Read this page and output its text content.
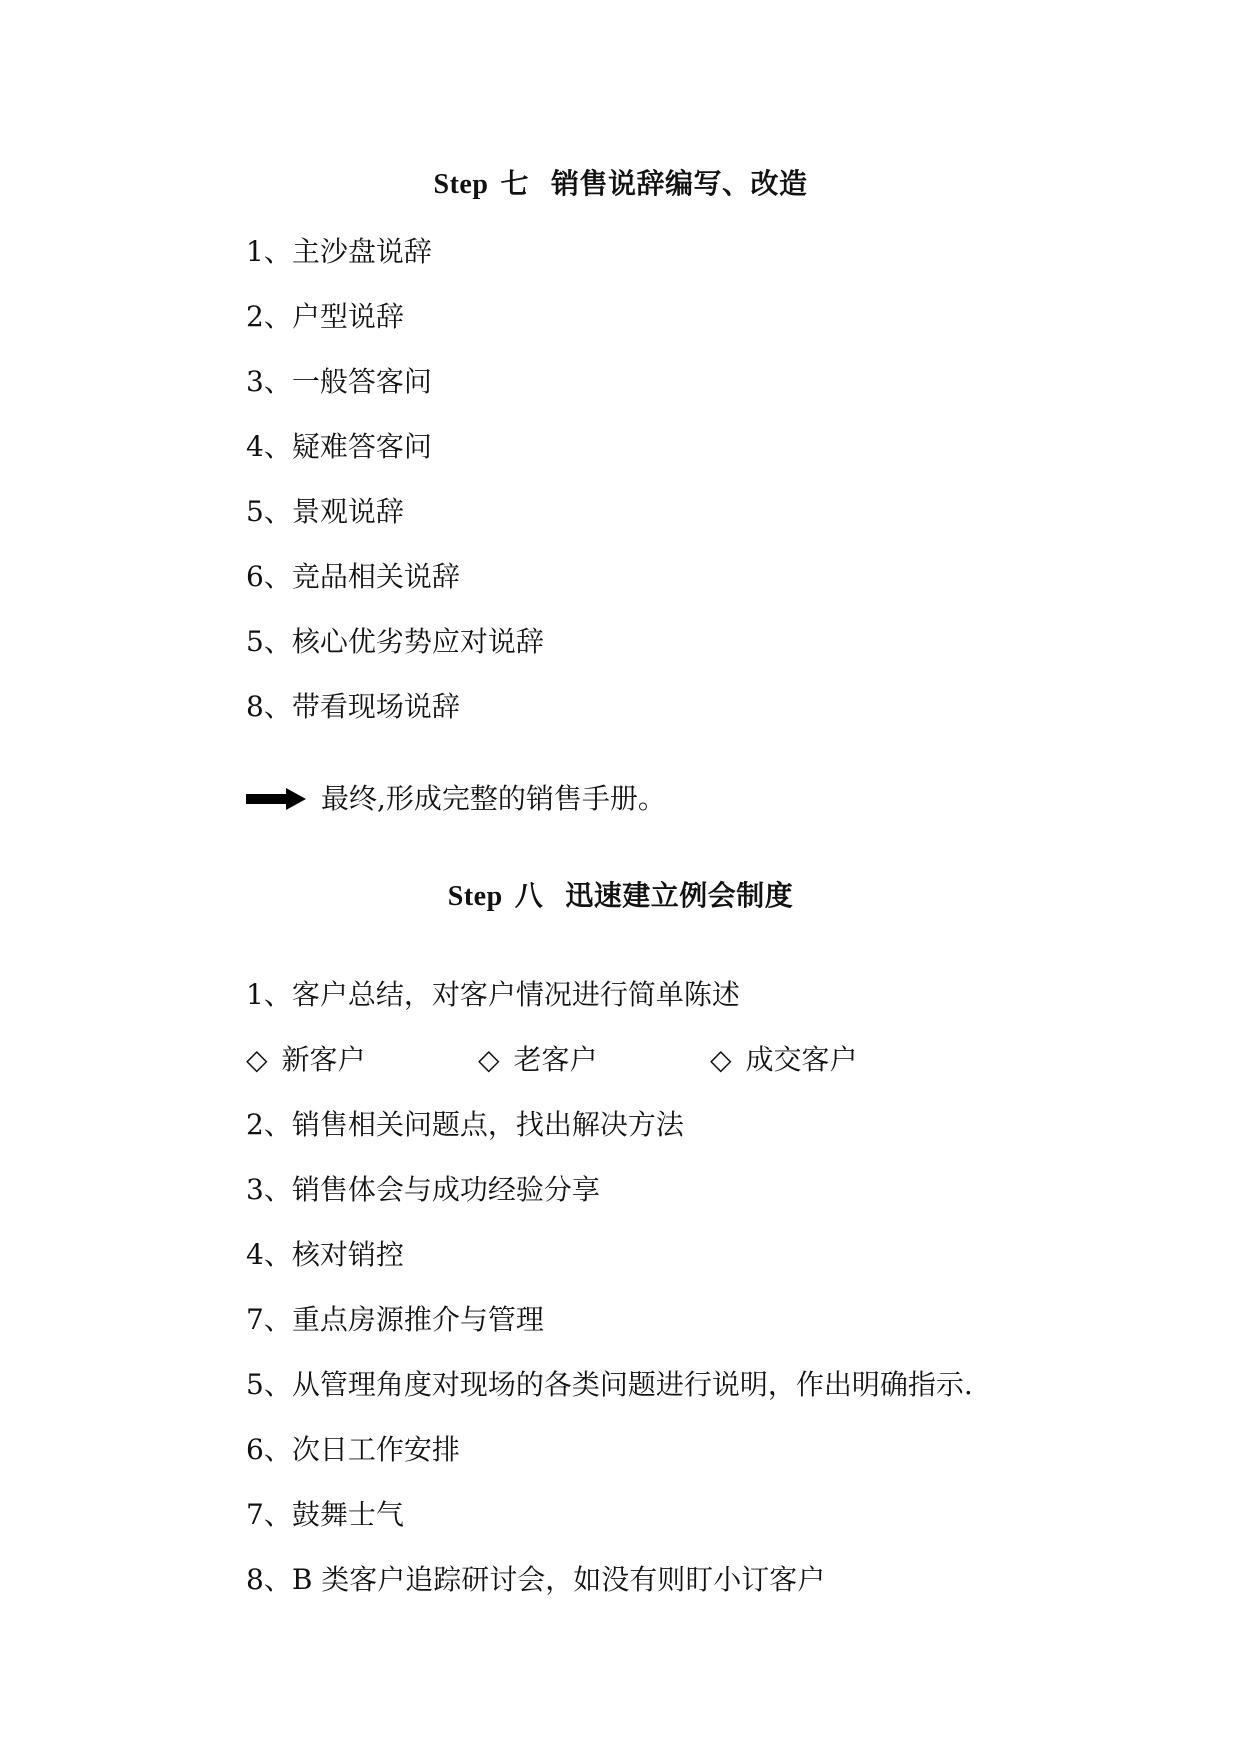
Step 七 销售说辞编写、改造
1、主沙盘说辞
2、户型说辞
3、一般答客问
4、疑难答客问
5、景观说辞
6、竞品相关说辞
5、核心优劣势应对说辞
8、带看现场说辞
最终,形成完整的销售手册。
Step 八 迅速建立例会制度
1、客户总结，对客户情况进行简单陈述
◇ 新客户	◇ 老客户	◇ 成交客户
2、销售相关问题点，找出解决方法
3、销售体会与成功经验分享
4、核对销控
7、重点房源推介与管理
5、从管理角度对现场的各类问题进行说明，作出明确指示.
6、次日工作安排
7、鼓舞士气
8、B 类客户追踪研讨会，如没有则盯小订客户
